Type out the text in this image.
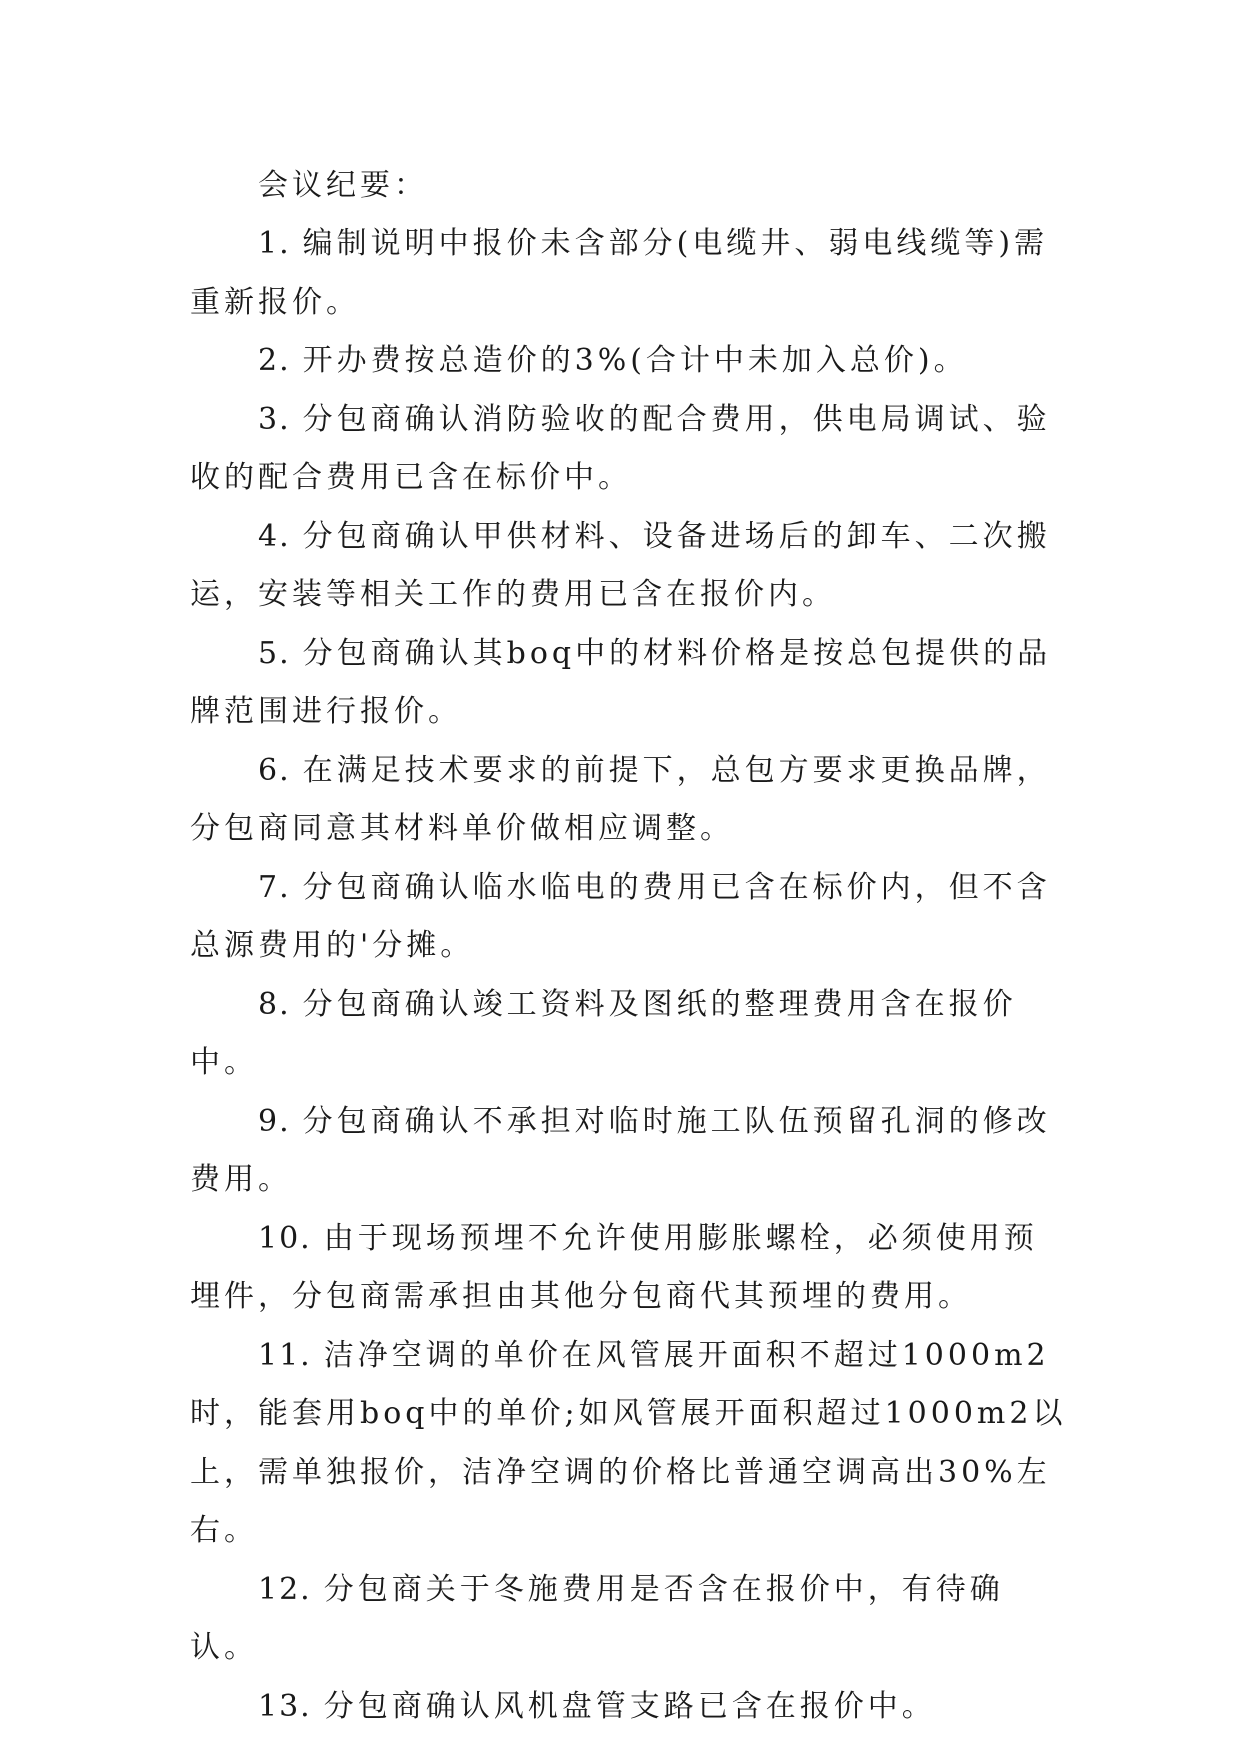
会议纪要：

1. 编制说明中报价未含部分(电缆井、弱电线缆等)需重新报价。

2. 开办费按总造价的3%(合计中未加入总价)。

3. 分包商确认消防验收的配合费用，供电局调试、验收的配合费用已含在标价中。

4. 分包商确认甲供材料、设备进场后的卸车、二次搬运，安装等相关工作的费用已含在报价内。

5. 分包商确认其boq中的材料价格是按总包提供的品牌范围进行报价。

6. 在满足技术要求的前提下，总包方要求更换品牌，分包商同意其材料单价做相应调整。

7. 分包商确认临水临电的费用已含在标价内，但不含总源费用的'分摊。

8. 分包商确认竣工资料及图纸的整理费用含在报价中。

9. 分包商确认不承担对临时施工队伍预留孔洞的修改费用。

10. 由于现场预埋不允许使用膨胀螺栓，必须使用预埋件，分包商需承担由其他分包商代其预埋的费用。

11. 洁净空调的单价在风管展开面积不超过1000m2时，能套用boq中的单价;如风管展开面积超过1000m2以上，需单独报价，洁净空调的价格比普通空调高出30%左右。

12. 分包商关于冬施费用是否含在报价中，有待确认。

13. 分包商确认风机盘管支路已含在报价中。
